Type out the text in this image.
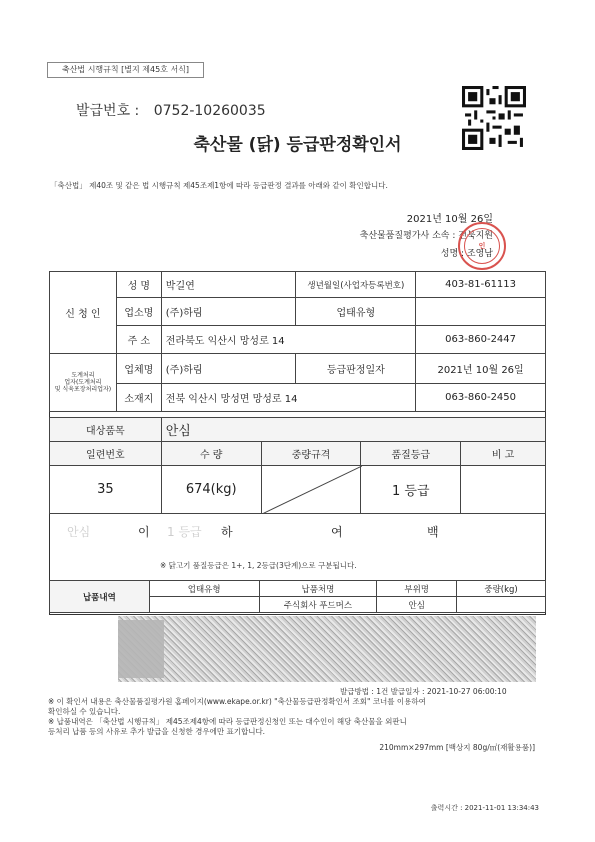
축산법 시행규칙 [별지 제45호 서식]
발급번호 : 0752-10260035
축산물 (닭) 등급판정확인서
「축산법」 제40조 및 같은 법 시행규칙 제45조제1항에 따라 등급판정 결과를 아래와 같이 확인합니다.
2021년 10월 26일
축산물품질평가사 소속 : 전북지원
성명 : 조영남
인
신 청 인	성 명	박길연	생년월일(사업자등록번호)	403-81-61113
	업소명	(주)하림	업태유형	
	주 소	전라북도 익산시 망성로 14		063-860-2447
도계처리
업자(도계처리
및 식육포장처리업자)	업체명	(주)하림	등급판정일자	2021년 10월 26일
	소재지	전북 익산시 망성면 망성로 14		063-860-2450
대상품목	안심			
일련번호	수 량	중량규격	품질등급	비 고
35	674(kg)		1 등급	
안심	이 1 등급 하	여	백
※ 닭고기 품질등급은 1+, 1, 2등급(3단계)으로 구분됩니다.
납품내역	업태유형	납품처명	부위명	중량(kg)
		주식회사 푸드머스	안심	
발급방법 : 1건 발급일자 : 2021-10-27 06:00:10
※ 이 확인서 내용은 축산물품질평가원 홈페이지(www.ekape.or.kr) "축산물등급판정확인서 조회" 코너를 이용하여
확인하실 수 있습니다.
※ 납품내역은 「축산법 시행규칙」 제45조제4항에 따라 등급판정신청인 또는 대수인이 해당 축산물을 외판니
등처리 납품 등의 사유로 추가 발급을 신청한 경우에만 표기합니다.
210mm×297mm [백상지 80g/㎡(재활용품)]
출력시간 : 2021-11-01 13:34:43
